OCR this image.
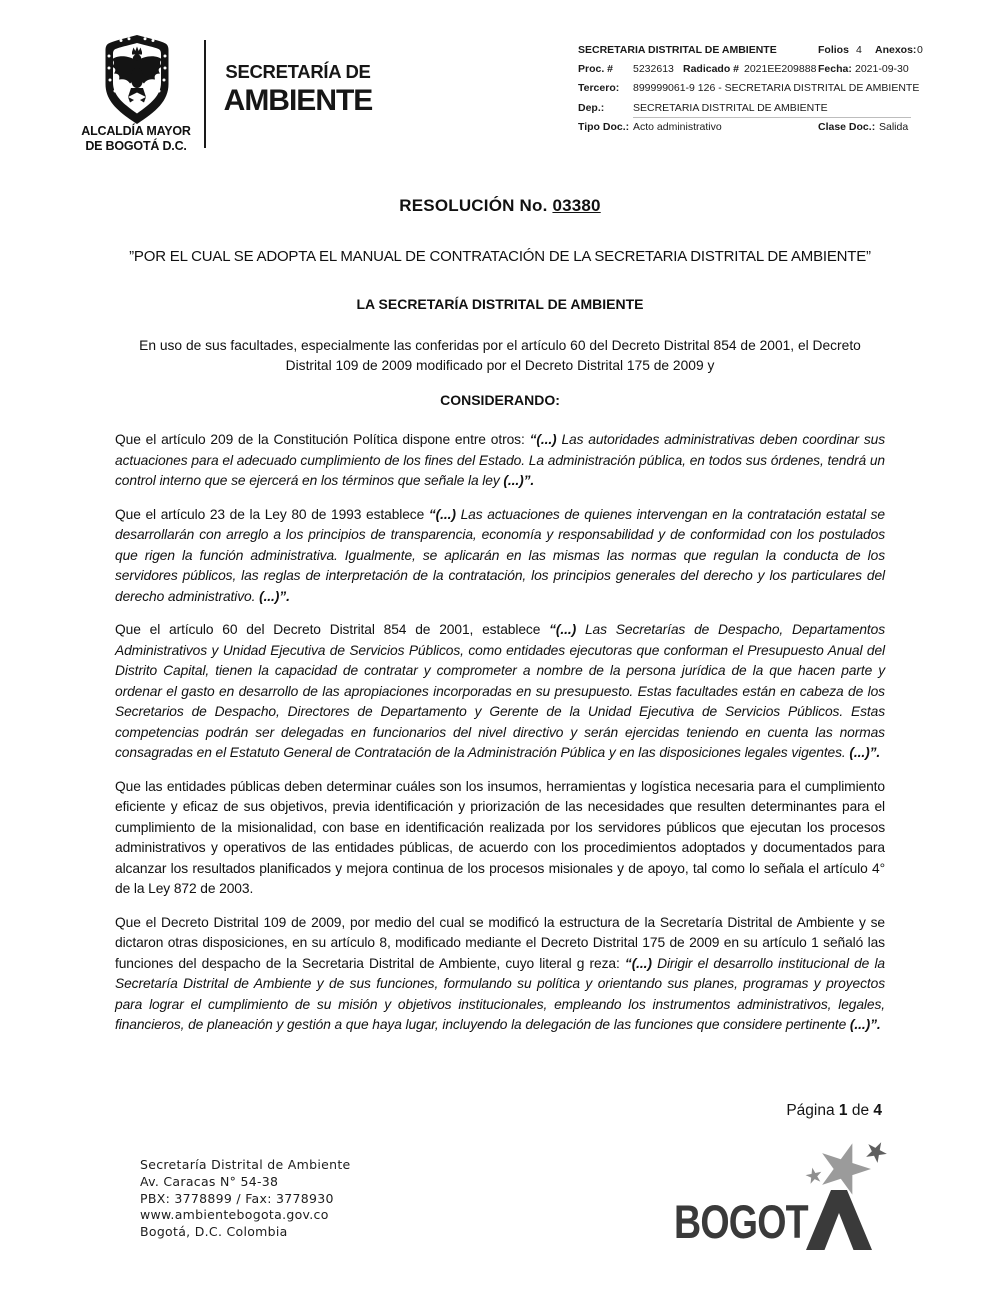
ALCALDÍA MAYOR
DE BOGOTÁ D.C.
SECRETARÍA DE
AMBIENTE
SECRETARIA DISTRITAL DE AMBIENTE	Folios 4 Anexos: 0
Proc. # 5232613 Radicado # 2021EE209888 Fecha: 2021-09-30
Tercero: 899999061-9 126 - SECRETARIA DISTRITAL DE AMBIENTE
Dep.:	SECRETARIA DISTRITAL DE AMBIENTE
Tipo Doc.: Acto administrativo	Clase Doc.: Salida
RESOLUCIÓN No. 03380

”POR EL CUAL SE ADOPTA EL MANUAL DE CONTRATACIÓN DE LA SECRETARIA DISTRITAL DE AMBIENTE”

LA SECRETARÍA DISTRITAL DE AMBIENTE

En uso de sus facultades, especialmente las conferidas por el artículo 60 del Decreto Distrital 854 de 2001, el Decreto Distrital 109 de 2009 modificado por el Decreto Distrital 175 de 2009 y

CONSIDERANDO:

Que el artículo 209 de la Constitución Política dispone entre otros: “(...) Las autoridades administrativas deben coordinar sus actuaciones para el adecuado cumplimiento de los fines del Estado. La administración pública, en todos sus órdenes, tendrá un control interno que se ejercerá en los términos que señale la ley (...)”.

Que el artículo 23 de la Ley 80 de 1993 establece “(...) Las actuaciones de quienes intervengan en la contratación estatal se desarrollarán con arreglo a los principios de transparencia, economía y responsabilidad y de conformidad con los postulados que rigen la función administrativa. Igualmente, se aplicarán en las mismas las normas que regulan la conducta de los servidores públicos, las reglas de interpretación de la contratación, los principios generales del derecho y los particulares del derecho administrativo. (...)”.

Que el artículo 60 del Decreto Distrital 854 de 2001, establece “(...) Las Secretarías de Despacho, Departamentos Administrativos y Unidad Ejecutiva de Servicios Públicos, como entidades ejecutoras que conforman el Presupuesto Anual del Distrito Capital, tienen la capacidad de contratar y comprometer a nombre de la persona jurídica de la que hacen parte y ordenar el gasto en desarrollo de las apropiaciones incorporadas en su presupuesto. Estas facultades están en cabeza de los Secretarios de Despacho, Directores de Departamento y Gerente de la Unidad Ejecutiva de Servicios Públicos. Estas competencias podrán ser delegadas en funcionarios del nivel directivo y serán ejercidas teniendo en cuenta las normas consagradas en el Estatuto General de Contratación de la Administración Pública y en las disposiciones legales vigentes. (...)”.

Que las entidades públicas deben determinar cuáles son los insumos, herramientas y logística necesaria para el cumplimiento eficiente y eficaz de sus objetivos, previa identificación y priorización de las necesidades que resulten determinantes para el cumplimiento de la misionalidad, con base en identificación realizada por los servidores públicos que ejecutan los procesos administrativos y operativos de las entidades públicas, de acuerdo con los procedimientos adoptados y documentados para alcanzar los resultados planificados y mejora continua de los procesos misionales y de apoyo, tal como lo señala el artículo 4° de la Ley 872 de 2003.

Que el Decreto Distrital 109 de 2009, por medio del cual se modificó la estructura de la Secretaría Distrital de Ambiente y se dictaron otras disposiciones, en su artículo 8, modificado mediante el Decreto Distrital 175 de 2009 en su artículo 1 señaló las funciones del despacho de la Secretaria Distrital de Ambiente, cuyo literal g reza: “(...) Dirigir el desarrollo institucional de la Secretaría Distrital de Ambiente y de sus funciones, formulando su política y orientando sus planes, programas y proyectos para lograr el cumplimiento de su misión y objetivos institucionales, empleando los instrumentos administrativos, legales, financieros, de planeación y gestión a que haya lugar, incluyendo la delegación de las funciones que considere pertinente (...)”.

Página 1 de 4
Secretaría Distrital de Ambiente
Av. Caracas N° 54-38
PBX: 3778899 / Fax: 3778930
www.ambientebogota.gov.co
Bogotá, D.C. Colombia	BOGOT
